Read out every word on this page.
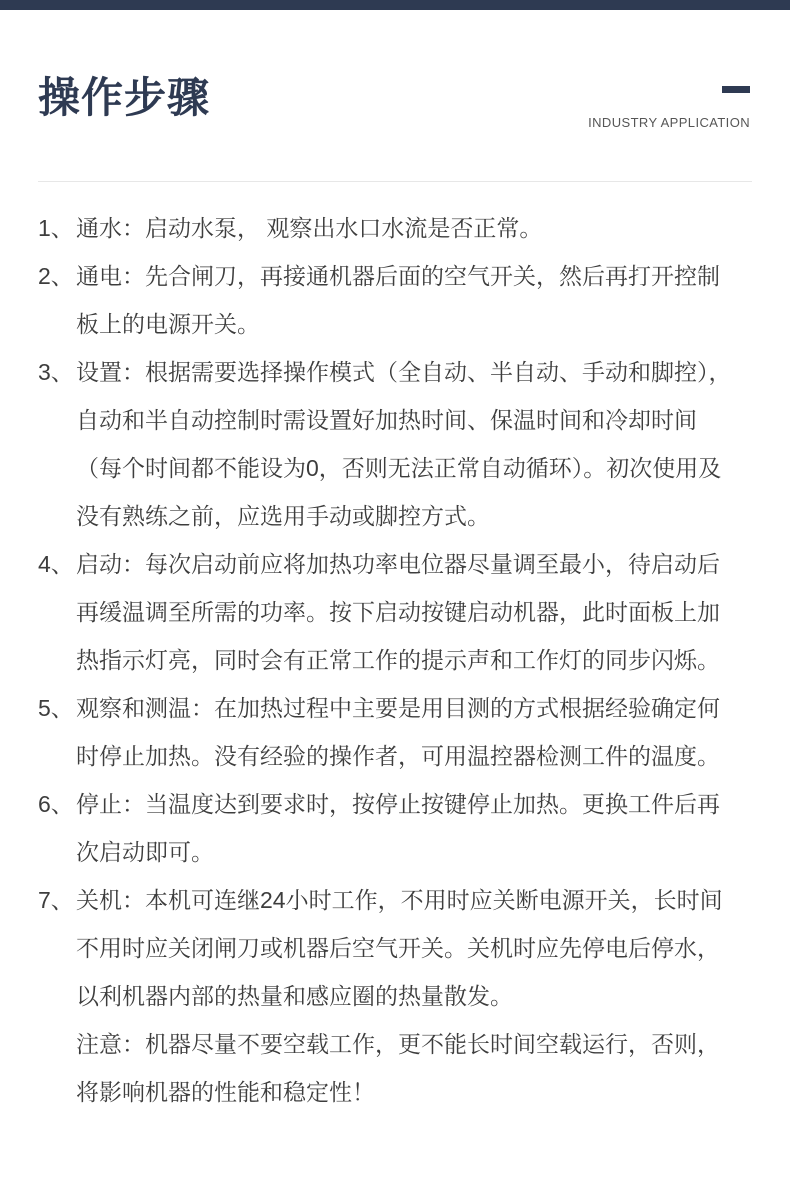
操作步骤
INDUSTRY APPLICATION
1、 通水：启动水泵， 观察出水口水流是否正常。
2、 通电：先合闸刀，再接通机器后面的空气开关，然后再打开控制
板上的电源开关。
3、 设置：根据需要选择操作模式（全自动、半自动、手动和脚控），
自动和半自动控制时需设置好加热时间、保温时间和冷却时间
（每个时间都不能设为0，否则无法正常自动循环）。初次使用及
没有熟练之前，应选用手动或脚控方式。
4、 启动：每次启动前应将加热功率电位器尽量调至最小，待启动后
再缓温调至所需的功率。按下启动按键启动机器，此时面板上加
热指示灯亮，同时会有正常工作的提示声和工作灯的同步闪烁。
5、 观察和测温：在加热过程中主要是用目测的方式根据经验确定何
时停止加热。没有经验的操作者，可用温控器检测工件的温度。
6、 停止：当温度达到要求时，按停止按键停止加热。更换工件后再
次启动即可。
7、 关机：本机可连继24小时工作，不用时应关断电源开关，长时间
不用时应关闭闸刀或机器后空气开关。关机时应先停电后停水，
以利机器内部的热量和感应圈的热量散发。
注意：机器尽量不要空载工作，更不能长时间空载运行，否则，
将影响机器的性能和稳定性！
